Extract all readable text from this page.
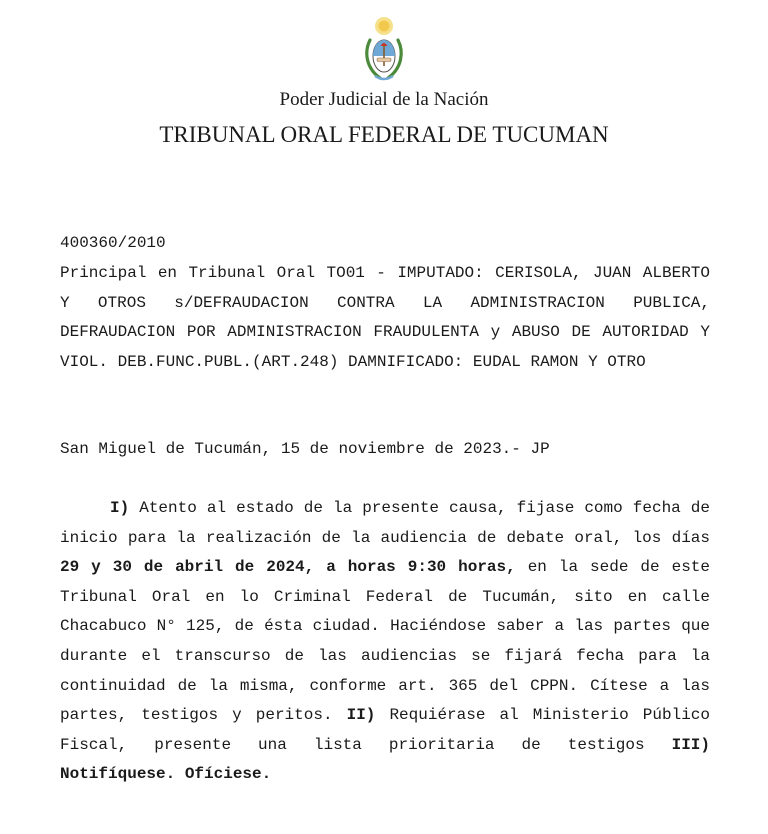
Poder Judicial de la Nación
TRIBUNAL ORAL FEDERAL DE TUCUMAN
400360/2010
Principal en Tribunal Oral TO01 - IMPUTADO: CERISOLA, JUAN ALBERTO Y OTROS s/DEFRAUDACION CONTRA LA ADMINISTRACION PUBLICA, DEFRAUDACION POR ADMINISTRACION FRAUDULENTA y ABUSO DE AUTORIDAD Y VIOL. DEB.FUNC.PUBL.(ART.248) DAMNIFICADO: EUDAL RAMON Y OTRO
San Miguel de Tucumán, 15 de noviembre de 2023.- JP
I) Atento al estado de la presente causa, fijase como fecha de inicio para la realización de la audiencia de debate oral, los días 29 y 30 de abril de 2024, a horas 9:30 horas, en la sede de este Tribunal Oral en lo Criminal Federal de Tucumán, sito en calle Chacabuco N° 125, de ésta ciudad. Haciéndose saber a las partes que durante el transcurso de las audiencias se fijará fecha para la continuidad de la misma, conforme art. 365 del CPPN. Cítese a las partes, testigos y peritos. II) Requiérase al Ministerio Público Fiscal, presente una lista prioritaria de testigos III) Notifíquese. Ofíciese.
